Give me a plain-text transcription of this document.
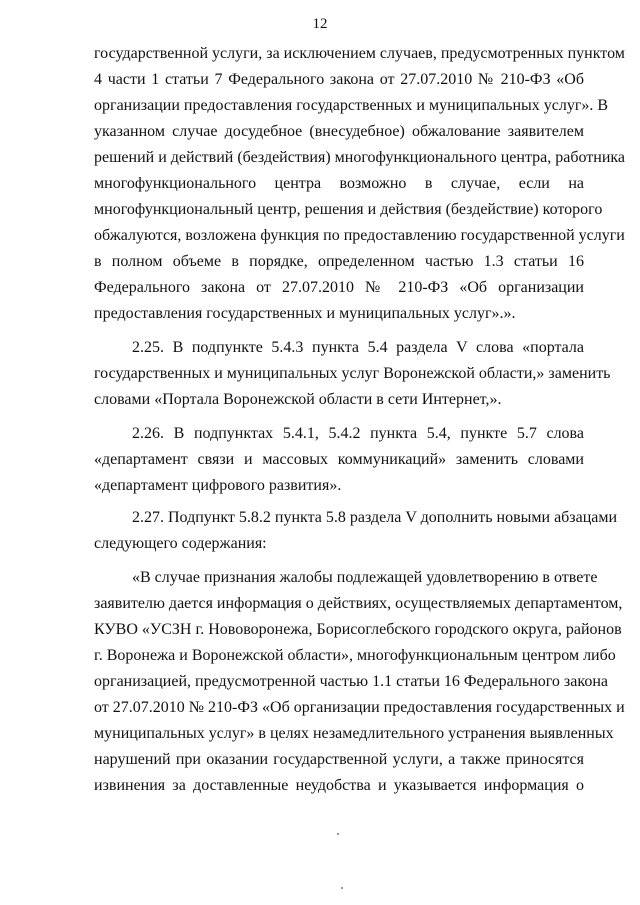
12
государственной услуги, за исключением случаев, предусмотренных пунктом
4 части 1 статьи 7 Федерального закона от 27.07.2010 № 210-ФЗ «Об
организации предоставления государственных и муниципальных услуг». В
указанном случае досудебное (внесудебное) обжалование заявителем
решений и действий (бездействия) многофункционального центра, работника
многофункционального центра возможно в случае, если на
многофункциональный центр, решения и действия (бездействие) которого
обжалуются, возложена функция по предоставлению государственной услуги
в полном объеме в порядке, определенном частью 1.3 статьи 16
Федерального закона от 27.07.2010 № 210-ФЗ «Об организации
предоставления государственных и муниципальных услуг».».
2.25. В подпункте 5.4.3 пункта 5.4 раздела V слова «портала
государственных и муниципальных услуг Воронежской области,» заменить
словами «Портала Воронежской области в сети Интернет,».
2.26. В подпунктах 5.4.1, 5.4.2 пункта 5.4, пункте 5.7 слова
«департамент связи и массовых коммуникаций» заменить словами
«департамент цифрового развития».
2.27. Подпункт 5.8.2 пункта 5.8 раздела V дополнить новыми абзацами
следующего содержания:
«В случае признания жалобы подлежащей удовлетворению в ответе
заявителю дается информация о действиях, осуществляемых департаментом,
КУВО «УСЗН г. Нововоронежа, Борисоглебского городского округа, районов
г. Воронежа и Воронежской области», многофункциональным центром либо
организацией, предусмотренной частью 1.1 статьи 16 Федерального закона
от 27.07.2010 № 210-ФЗ «Об организации предоставления государственных и
муниципальных услуг» в целях незамедлительного устранения выявленных
нарушений при оказании государственной услуги, а также приносятся
извинения за доставленные неудобства и указывается информация о
